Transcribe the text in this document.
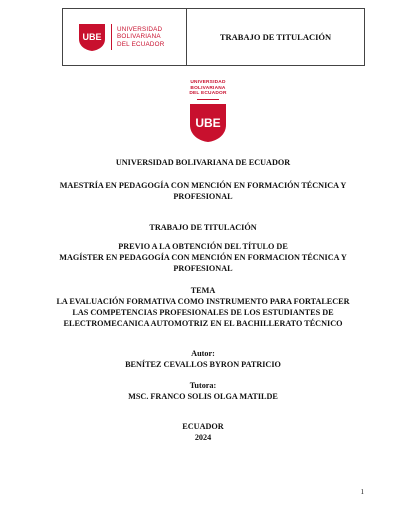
UBE
UNIVERSIDAD
BOLIVARIANA
DEL ECUADOR
TRABAJO DE TITULACIÓN
UNIVERSIDAD
BOLIVARIANA
DEL ECUADOR
UBE
UNIVERSIDAD BOLIVARIANA DE ECUADOR
MAESTRÍA EN PEDAGOGÍA CON MENCIÓN EN FORMACIÓN TÉCNICA Y
PROFESIONAL
TRABAJO DE TITULACIÓN
PREVIO A LA OBTENCIÓN DEL TÍTULO DE
MAGÍSTER EN PEDAGOGÍA CON MENCIÓN EN FORMACION TÉCNICA Y
PROFESIONAL
TEMA
LA EVALUACIÓN FORMATIVA COMO INSTRUMENTO PARA FORTALECER
LAS COMPETENCIAS PROFESIONALES DE LOS ESTUDIANTES DE
ELECTROMECANICA AUTOMOTRIZ EN EL BACHILLERATO TÉCNICO
Autor:
BENÍTEZ CEVALLOS BYRON PATRICIO
Tutora:
MSC. FRANCO SOLIS OLGA MATILDE
ECUADOR
2024
1
